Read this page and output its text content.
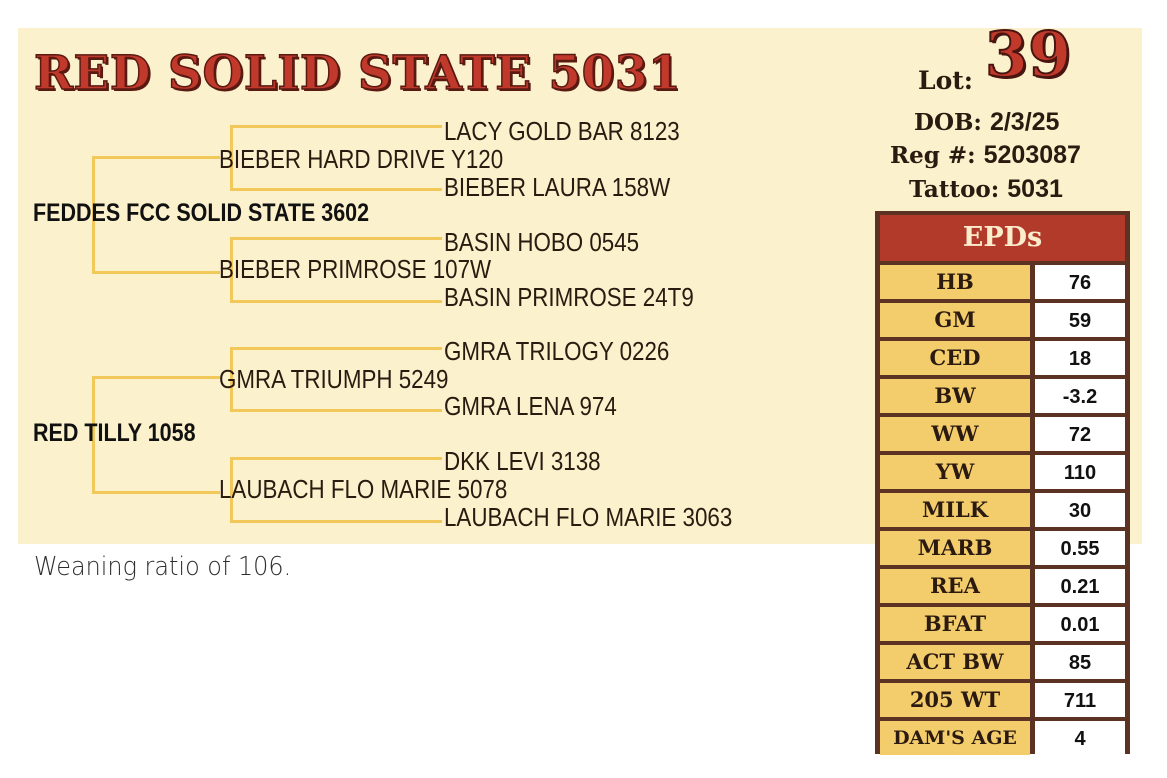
RED SOLID STATE 5031
LACY GOLD BAR 8123
BIEBER HARD DRIVE Y120
BIEBER LAURA 158W
FEDDES FCC SOLID STATE 3602
BASIN HOBO 0545
BIEBER PRIMROSE 107W
BASIN PRIMROSE 24T9
GMRA TRILOGY 0226
GMRA TRIUMPH 5249
GMRA LENA 974
RED TILLY 1058
DKK LEVI 3138
LAUBACH FLO MARIE 5078
LAUBACH FLO MARIE 3063
Weaning ratio of 106.
Lot: 39
DOB: 2/3/25
Reg #: 5203087
Tattoo: 5031
EPDs
HB	76
GM	59
CED	18
BW	-3.2
WW	72
YW	110
MILK	30
MARB	0.55
REA	0.21
BFAT	0.01
ACT BW	85
205 WT	711
DAM'S AGE	4
